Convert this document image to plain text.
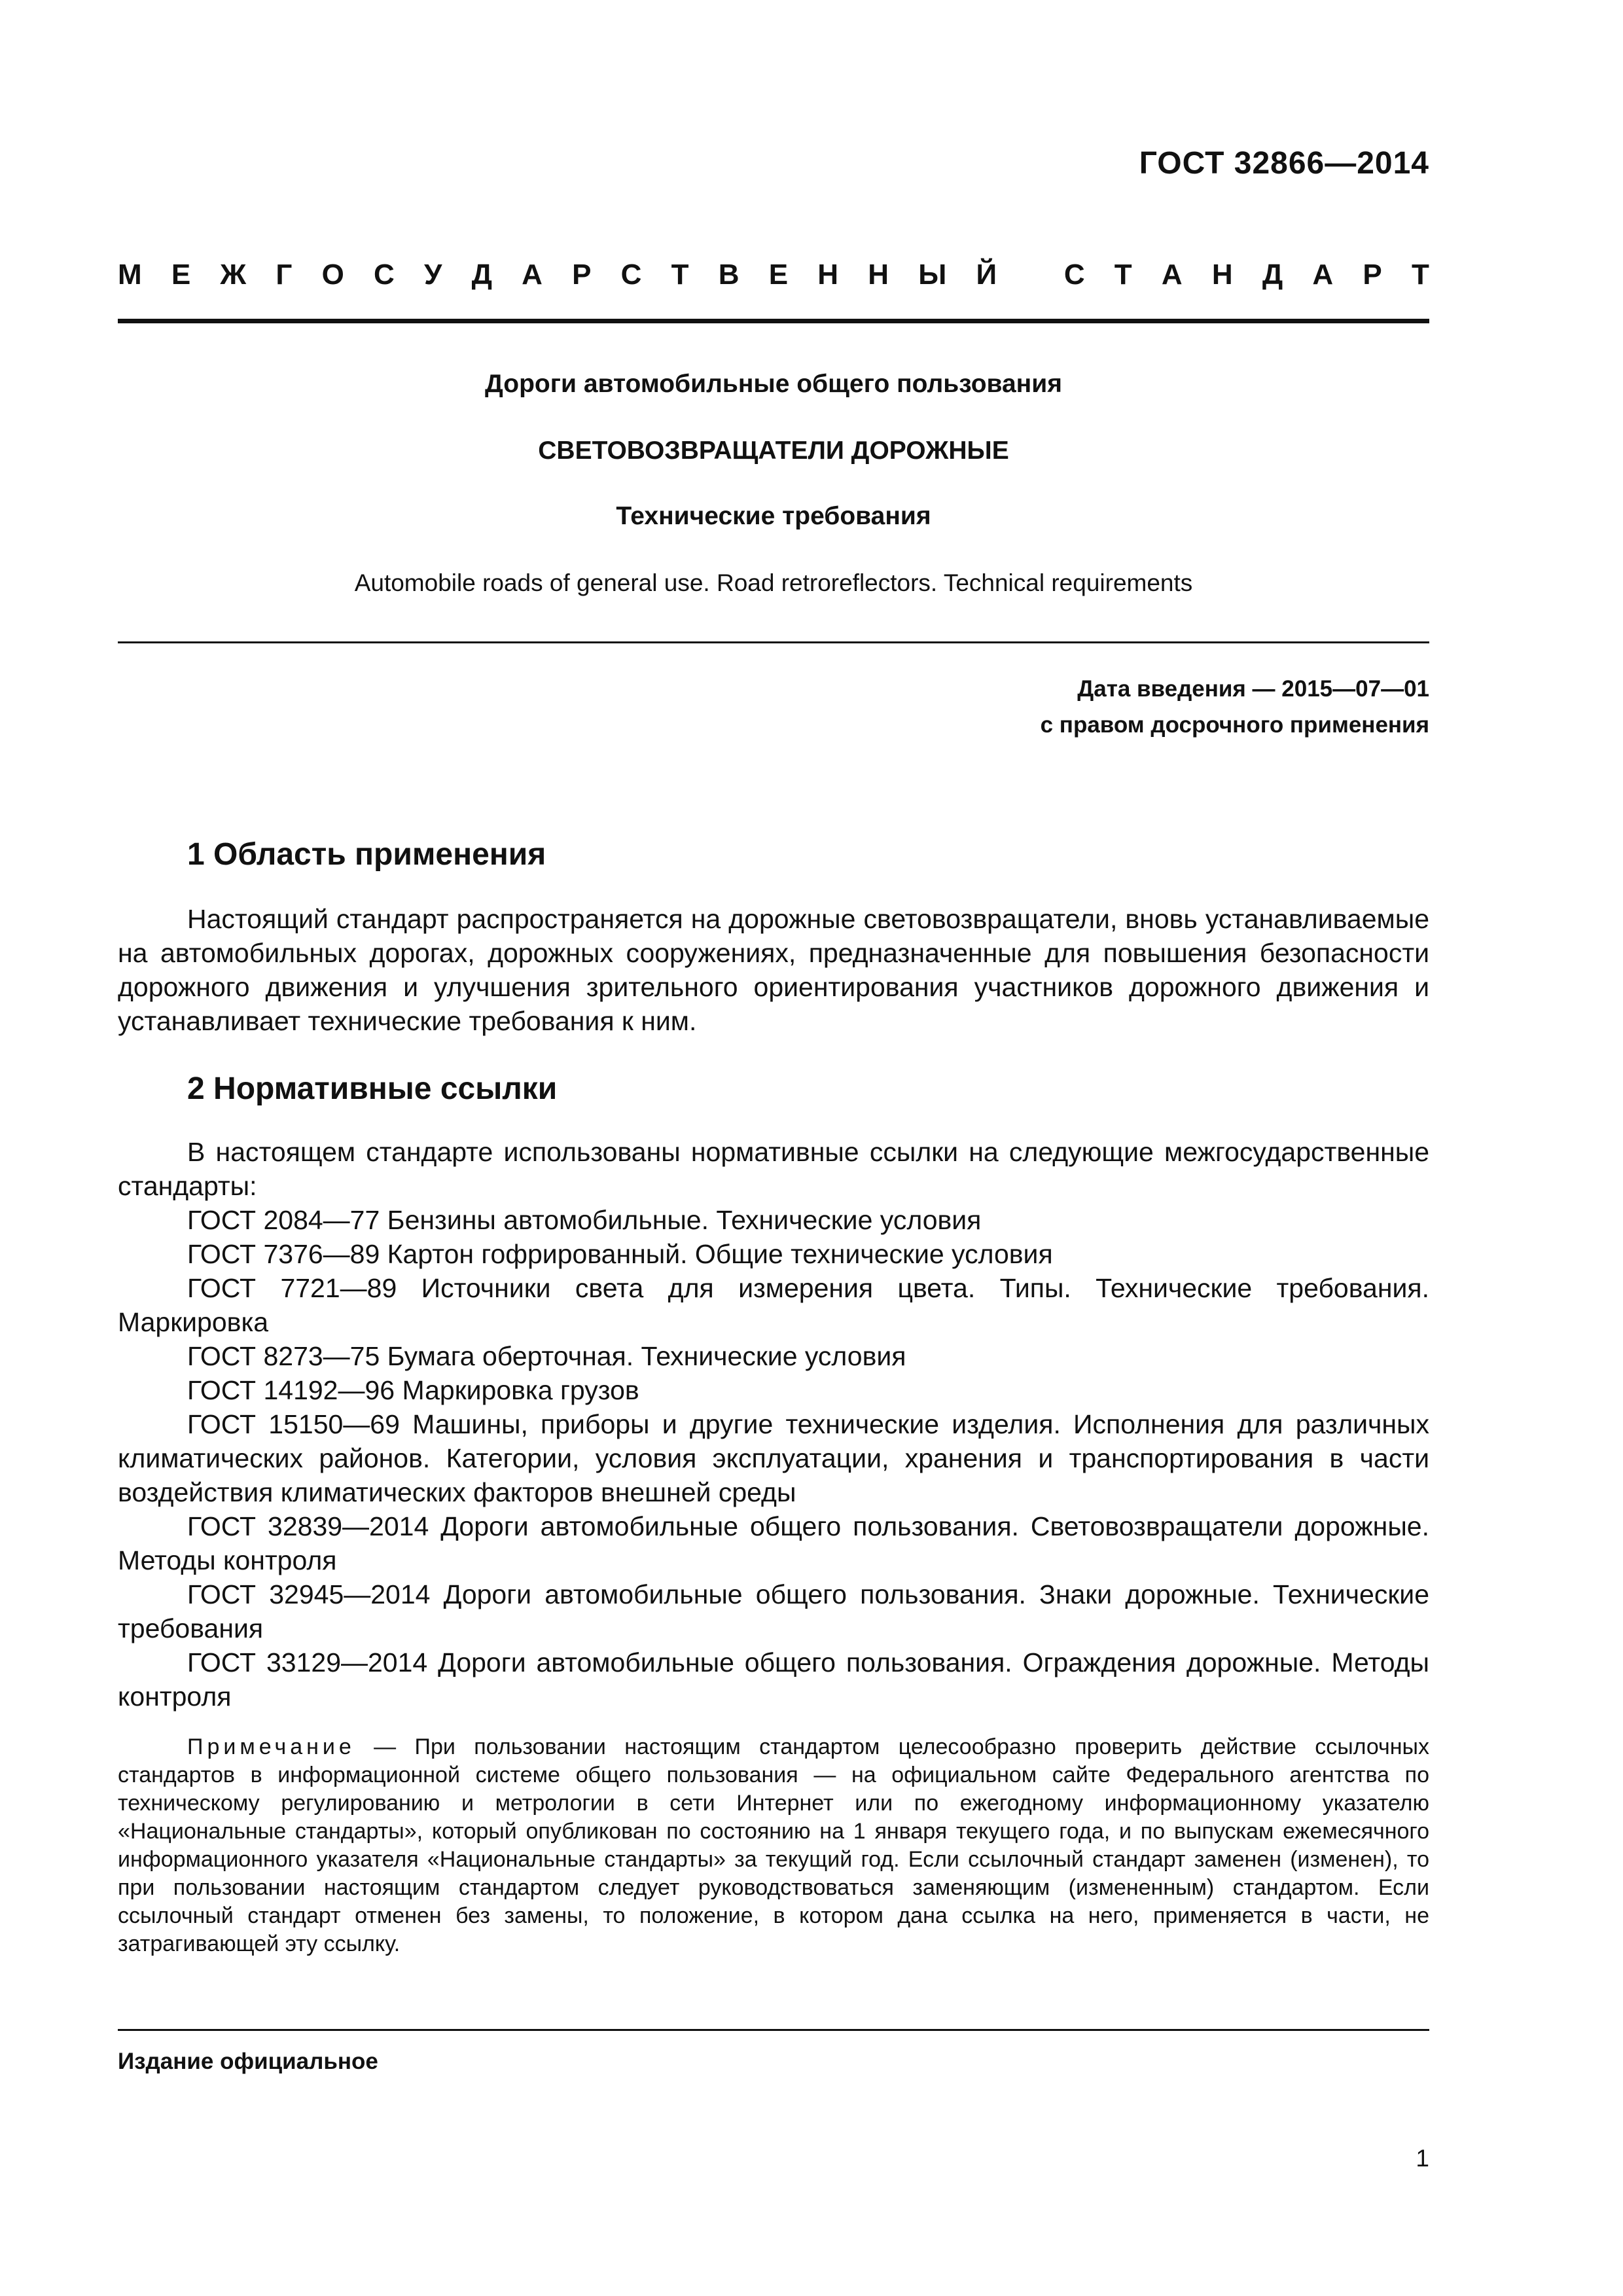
ГОСТ 32866—2014
М Е Ж Г О С У Д А Р С Т В Е Н Н Ы Й
С Т А Н Д А Р Т
Дороги автомобильные общего пользования
СВЕТОВОЗВРАЩАТЕЛИ ДОРОЖНЫЕ
Технические требования
Automobile roads of general use. Road retroreflectors. Technical requirements
Дата введения — 2015—07—01
с правом досрочного применения
1 Область применения

Настоящий стандарт распространяется на дорожные световозвращатели, вновь устанавливаемые на автомобильных дорогах, дорожных сооружениях, предназначенные для повышения безопасности дорожного движения и улучшения зрительного ориентирования участников дорожного движения и устанавливает технические требования к ним.

2 Нормативные ссылки

В настоящем стандарте использованы нормативные ссылки на следующие межгосударственные стандарты:

ГОСТ 2084—77 Бензины автомобильные. Технические условия

ГОСТ 7376—89 Картон гофрированный. Общие технические условия

ГОСТ 7721—89 Источники света для измерения цвета. Типы. Технические требования. Маркировка

ГОСТ 8273—75 Бумага оберточная. Технические условия

ГОСТ 14192—96 Маркировка грузов

ГОСТ 15150—69 Машины, приборы и другие технические изделия. Исполнения для различных климатических районов. Категории, условия эксплуатации, хранения и транспортирования в части воздействия климатических факторов внешней среды

ГОСТ 32839—2014 Дороги автомобильные общего пользования. Световозвращатели дорожные. Методы контроля

ГОСТ 32945—2014 Дороги автомобильные общего пользования. Знаки дорожные. Технические требования

ГОСТ 33129—2014 Дороги автомобильные общего пользования. Ограждения дорожные. Методы контроля

Примечание — При пользовании настоящим стандартом целесообразно проверить действие ссылочных стандартов в информационной системе общего пользования — на официальном сайте Федерального агентства по техническому регулированию и метрологии в сети Интернет или по ежегодному информационному указателю «Национальные стандарты», который опубликован по состоянию на 1 января текущего года, и по выпускам ежемесячного информационного указателя «Национальные стандарты» за текущий год. Если ссылочный стандарт заменен (изменен), то при пользовании настоящим стандартом следует руководствоваться заменяющим (измененным) стандартом. Если ссылочный стандарт отменен без замены, то положение, в котором дана ссылка на него, применяется в части, не затрагивающей эту ссылку.

Издание официальное
1
